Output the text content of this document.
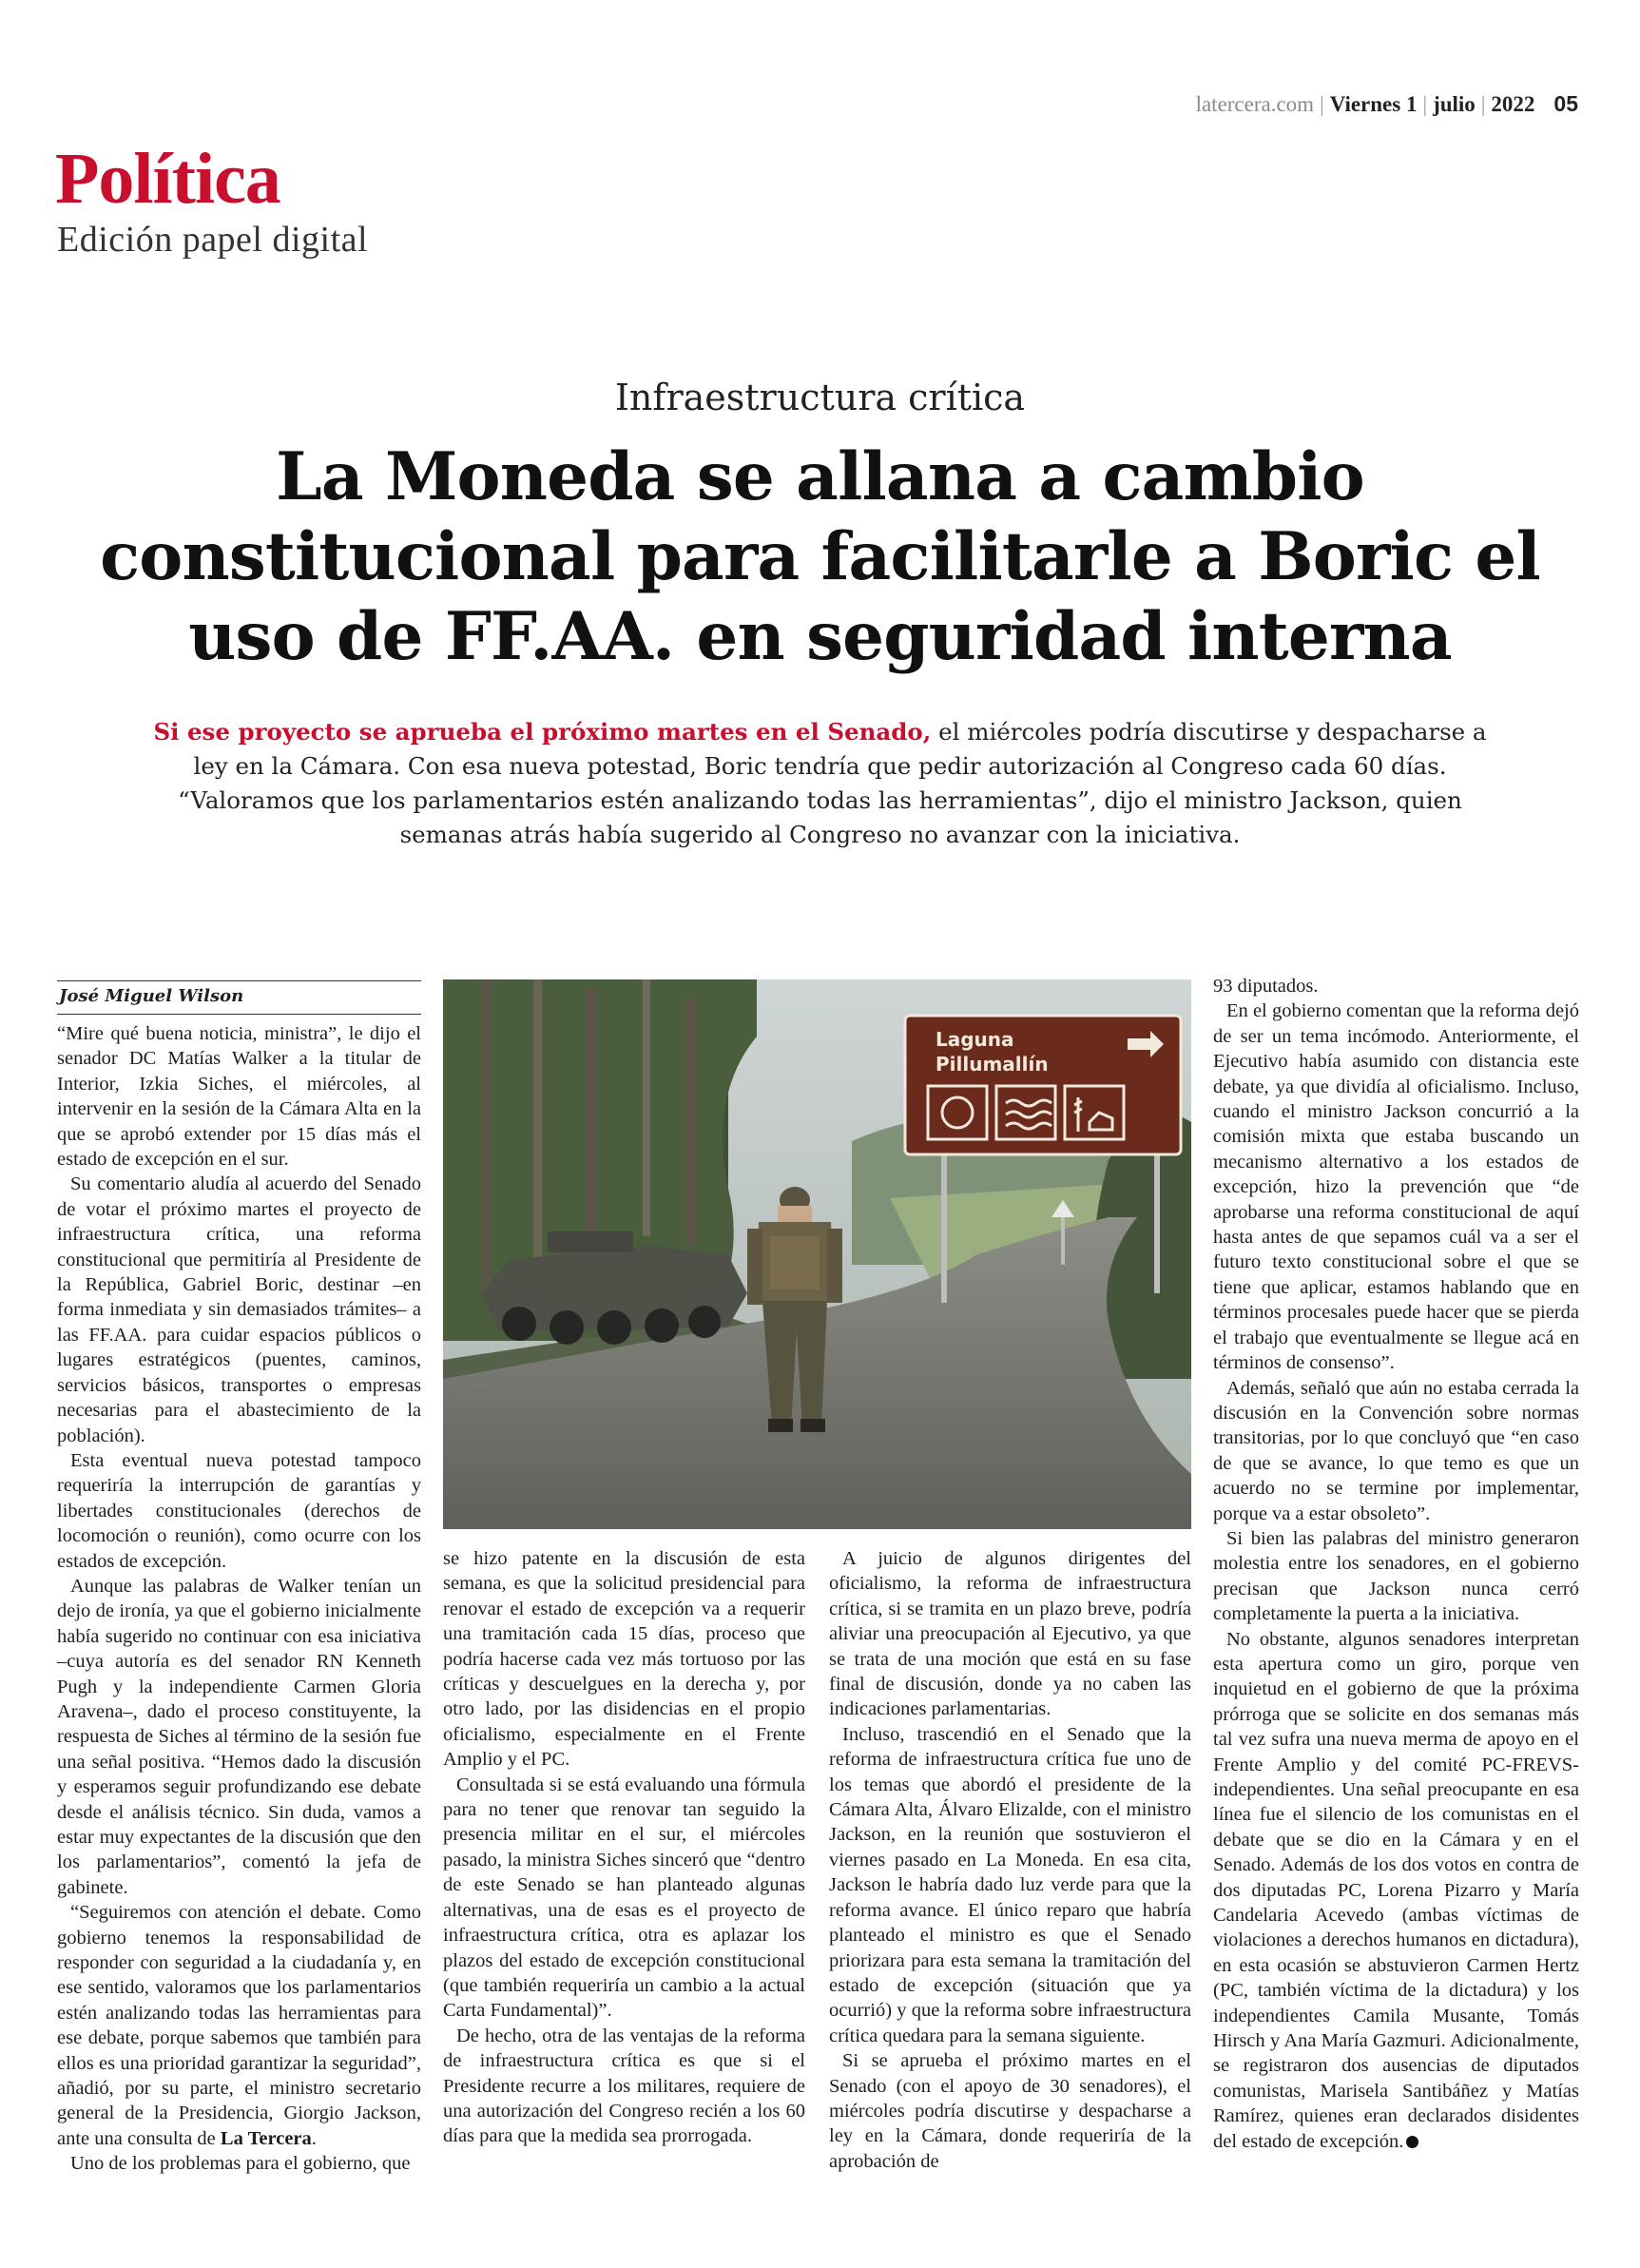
latercera.com | Viernes 1 | julio | 2022 05
Política
Edición papel digital
Infraestructura crítica
La Moneda se allana a cambio constitucional para facilitarle a Boric el uso de FF.AA. en seguridad interna
Si ese proyecto se aprueba el próximo martes en el Senado, el miércoles podría discutirse y despacharse a ley en la Cámara. Con esa nueva potestad, Boric tendría que pedir autorización al Congreso cada 60 días. “Valoramos que los parlamentarios estén analizando todas las herramientas”, dijo el ministro Jackson, quien semanas atrás había sugerido al Congreso no avanzar con la iniciativa.
José Miguel Wilson

“Mire qué buena noticia, ministra”, le dijo el senador DC Matías Walker a la titular de Interior, Izkia Siches, el miércoles, al intervenir en la sesión de la Cámara Alta en la que se aprobó extender por 15 días más el estado de excepción en el sur.

Su comentario aludía al acuerdo del Senado de votar el próximo martes el proyecto de infraestructura crítica, una reforma constitucional que permitiría al Presidente de la República, Gabriel Boric, destinar –en forma inmediata y sin demasiados trámites– a las FF.AA. para cuidar espacios públicos o lugares estratégicos (puentes, caminos, servicios básicos, transportes o empresas necesarias para el abastecimiento de la población).

Esta eventual nueva potestad tampoco requeriría la interrupción de garantías y libertades constitucionales (derechos de locomoción o reunión), como ocurre con los estados de excepción.

Aunque las palabras de Walker tenían un dejo de ironía, ya que el gobierno inicialmente había sugerido no continuar con esa iniciativa –cuya autoría es del senador RN Kenneth Pugh y la independiente Carmen Gloria Aravena–, dado el proceso constituyente, la respuesta de Siches al término de la sesión fue una señal positiva. “Hemos dado la discusión y esperamos seguir profundizando ese debate desde el análisis técnico. Sin duda, vamos a estar muy expectantes de la discusión que den los parlamentarios”, comentó la jefa de gabinete.

“Seguiremos con atención el debate. Como gobierno tenemos la responsabilidad de responder con seguridad a la ciudadanía y, en ese sentido, valoramos que los parlamentarios estén analizando todas las herramientas para ese debate, porque sabemos que también para ellos es una prioridad garantizar la seguridad”, añadió, por su parte, el ministro secretario general de la Presidencia, Giorgio Jackson, ante una consulta de La Tercera.

Uno de los problemas para el gobierno, que

Laguna
Pillumallín

se hizo patente en la discusión de esta semana, es que la solicitud presidencial para renovar el estado de excepción va a requerir una tramitación cada 15 días, proceso que podría hacerse cada vez más tortuoso por las críticas y descuelgues en la derecha y, por otro lado, por las disidencias en el propio oficialismo, especialmente en el Frente Amplio y el PC.

Consultada si se está evaluando una fórmula para no tener que renovar tan seguido la presencia militar en el sur, el miércoles pasado, la ministra Siches sinceró que “dentro de este Senado se han planteado algunas alternativas, una de esas es el proyecto de infraestructura crítica, otra es aplazar los plazos del estado de excepción constitucional (que también requeriría un cambio a la actual Carta Fundamental)”.

De hecho, otra de las ventajas de la reforma de infraestructura crítica es que si el Presidente recurre a los militares, requiere de una autorización del Congreso recién a los 60 días para que la medida sea prorrogada.

A juicio de algunos dirigentes del oficialismo, la reforma de infraestructura crítica, si se tramita en un plazo breve, podría aliviar una preocupación al Ejecutivo, ya que se trata de una moción que está en su fase final de discusión, donde ya no caben las indicaciones parlamentarias.

Incluso, trascendió en el Senado que la reforma de infraestructura crítica fue uno de los temas que abordó el presidente de la Cámara Alta, Álvaro Elizalde, con el ministro Jackson, en la reunión que sostuvieron el viernes pasado en La Moneda. En esa cita, Jackson le habría dado luz verde para que la reforma avance. El único reparo que habría planteado el ministro es que el Senado priorizara para esta semana la tramitación del estado de excepción (situación que ya ocurrió) y que la reforma sobre infraestructura crítica quedara para la semana siguiente.

Si se aprueba el próximo martes en el Senado (con el apoyo de 30 senadores), el miércoles podría discutirse y despacharse a ley en la Cámara, donde requeriría de la aprobación de

93 diputados.

En el gobierno comentan que la reforma dejó de ser un tema incómodo. Anteriormente, el Ejecutivo había asumido con distancia este debate, ya que dividía al oficialismo. Incluso, cuando el ministro Jackson concurrió a la comisión mixta que estaba buscando un mecanismo alternativo a los estados de excepción, hizo la prevención que “de aprobarse una reforma constitucional de aquí hasta antes de que sepamos cuál va a ser el futuro texto constitucional sobre el que se tiene que aplicar, estamos hablando que en términos procesales puede hacer que se pierda el trabajo que eventualmente se llegue acá en términos de consenso”.

Además, señaló que aún no estaba cerrada la discusión en la Convención sobre normas transitorias, por lo que concluyó que “en caso de que se avance, lo que temo es que un acuerdo no se termine por implementar, porque va a estar obsoleto”.

Si bien las palabras del ministro generaron molestia entre los senadores, en el gobierno precisan que Jackson nunca cerró completamente la puerta a la iniciativa.

No obstante, algunos senadores interpretan esta apertura como un giro, porque ven inquietud en el gobierno de que la próxima prórroga que se solicite en dos semanas más tal vez sufra una nueva merma de apoyo en el Frente Amplio y del comité PC-FREVS-independientes. Una señal preocupante en esa línea fue el silencio de los comunistas en el debate que se dio en la Cámara y en el Senado. Además de los dos votos en contra de dos diputadas PC, Lorena Pizarro y María Candelaria Acevedo (ambas víctimas de violaciones a derechos humanos en dictadura), en esta ocasión se abstuvieron Carmen Hertz (PC, también víctima de la dictadura) y los independientes Camila Musante, Tomás Hirsch y Ana María Gazmuri. Adicionalmente, se registraron dos ausencias de diputados comunistas, Marisela Santibáñez y Matías Ramírez, quienes eran declarados disidentes del estado de excepción.
